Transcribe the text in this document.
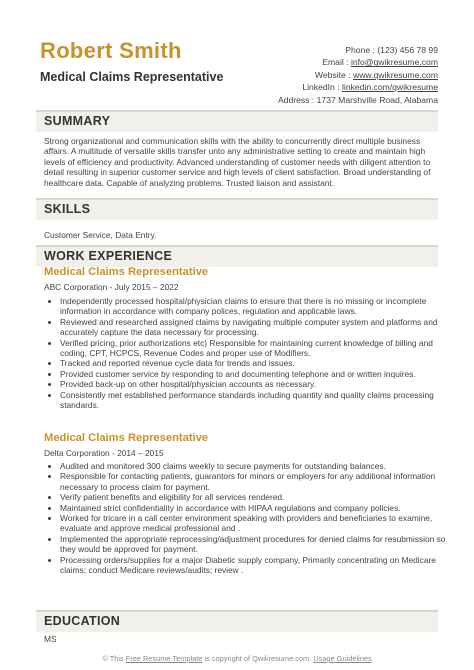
Robert Smith
Medical Claims Representative
Phone : (123) 456 78 99
Email : info@qwikresume.com
Website : www.qwikresume.com
LinkedIn : linkedin.com/qwikresume
Address : 1737 Marshville Road, Alabama
SUMMARY
Strong organizational and communication skills with the ability to concurrently direct multiple business affairs. A multitude of versatile skills transfer unto any administrative setting to create and maintain high levels of efficiency and productivity. Advanced understanding of customer needs with diligent attention to detail resulting in superior customer service and high levels of client satisfaction. Broad understanding of healthcare data. Capable of analyzing problems. Trusted liaison and assistant.
SKILLS
Customer Service, Data Entry.
WORK EXPERIENCE
Medical Claims Representative
ABC Corporation - July 2015 – 2022
• Independently processed hospital/physician claims to ensure that there is no missing or incomplete information in accordance with company polices, regulation and applicable laws.
• Reviewed and researched assigned claims by navigating multiple computer system and platforms and accurately capture the data necessary for processing.
• Verified pricing, prior authorizations etc) Responsible for maintaining current knowledge of billing and coding, CPT, HCPCS, Revenue Codes and proper use of Modifiers.
• Tracked and reported revenue cycle data for trends and issues.
• Provided customer service by responding to and documenting telephone and or written inquires.
• Provided back-up on other hospital/physician accounts as necessary.
• Consistently met established performance standards including quantity and quality claims processing standards.
Medical Claims Representative
Delta Corporation - 2014 – 2015
• Audited and monitored 300 claims weekly to secure payments for outstanding balances.
• Responsible for contacting patients, guarantors for minors or employers for any additional information necessary to process claim for payment.
• Verify patient benefits and eligibility for all services rendered.
• Maintained strict confidentiality in accordance with HIPAA regulations and company policies.
• Worked for tricare in a call center environment speaking with providers and beneficiaries to examine, evaluate and approve medical professional and .
• Implemented the appropriate reprocessing/adjustment procedures for denied claims for resubmission so they would be approved for payment.
• Processing orders/supplies for a major Diabetic supply company, Primarily concentrating on Medicare claims; conduct Medicare reviews/audits; review .
EDUCATION
MS
© This Free Resume Template is copyright of Qwikresume.com. Usage Guidelines
